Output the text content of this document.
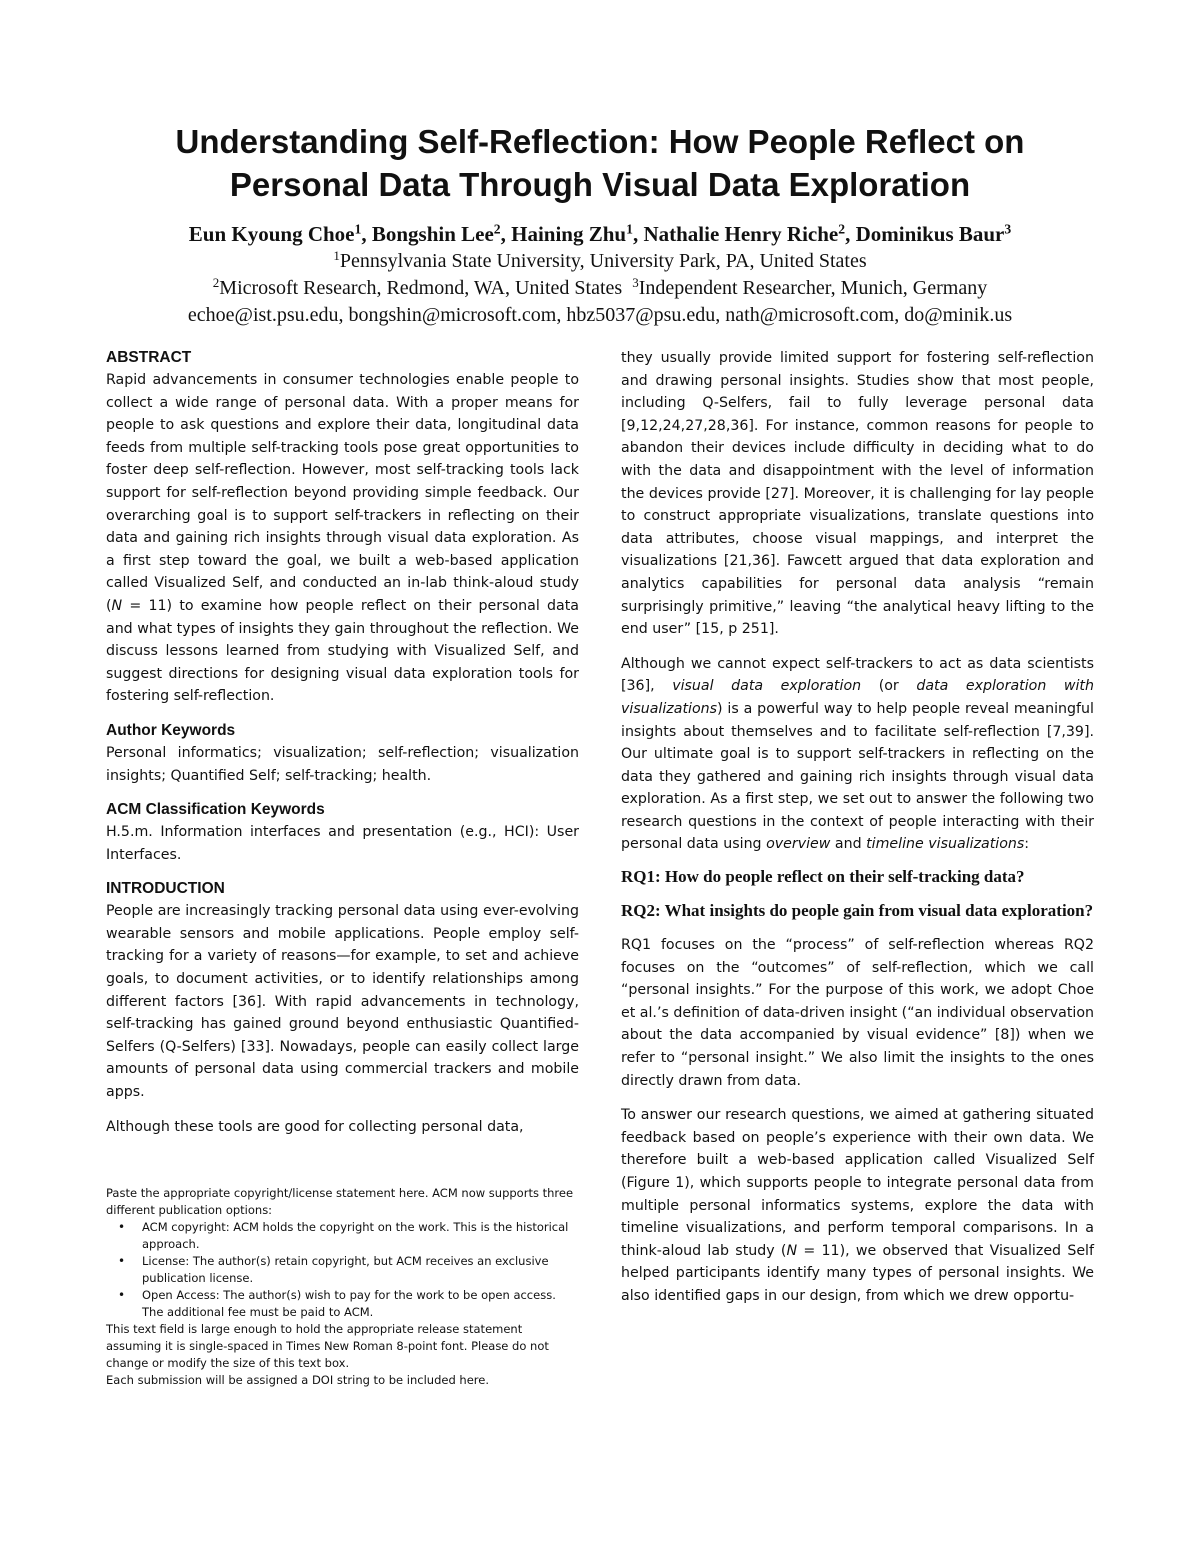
Understanding Self-Reflection: How People Reflect on
Personal Data Through Visual Data Exploration
Eun Kyoung Choe$^1$, Bongshin Lee$^2$, Haining Zhu$^1$, Nathalie Henry Riche$^2$, Dominikus Baur$^3$
$^1$Pennsylvania State University, University Park, PA, United States
$^2$Microsoft Research, Redmond, WA, United States $^3$Independent Researcher, Munich, Germany
echoe@ist.psu.edu, bongshin@microsoft.com, hbz5037@psu.edu, nath@microsoft.com, do@minik.us
ABSTRACT

Rapid advancements in consumer technologies enable people to collect a wide range of personal data. With a proper means for people to ask questions and explore their data, longitudinal data feeds from multiple self-tracking tools pose great opportunities to foster deep self-reflection. However, most self-tracking tools lack support for self-reflection beyond providing simple feedback. Our overarching goal is to support self-trackers in reflecting on their data and gaining rich insights through visual data exploration. As a first step toward the goal, we built a web-based application called Visualized Self, and conducted an in-lab think-aloud study (N = 11) to examine how people reflect on their personal data and what types of insights they gain throughout the reflection. We discuss lessons learned from studying with Visualized Self, and suggest directions for designing visual data exploration tools for fostering self-reflection.

Author Keywords

Personal informatics; visualization; self-reflection; visualization insights; Quantified Self; self-tracking; health.

ACM Classification Keywords

H.5.m. Information interfaces and presentation (e.g., HCI): User Interfaces.

INTRODUCTION

People are increasingly tracking personal data using ever-evolving wearable sensors and mobile applications. People employ self-tracking for a variety of reasons—for example, to set and achieve goals, to document activities, or to identify relationships among different factors [36]. With rapid advancements in technology, self-tracking has gained ground beyond enthusiastic Quantified-Selfers (Q-Selfers) [33]. Nowadays, people can easily collect large amounts of personal data using commercial trackers and mobile apps.

Although these tools are good for collecting personal data,

Paste the appropriate copyright/license statement here. ACM now supports three different publication options:

• ACM copyright: ACM holds the copyright on the work. This is the historical approach.
• License: The author(s) retain copyright, but ACM receives an exclusive publication license.
• Open Access: The author(s) wish to pay for the work to be open access. The additional fee must be paid to ACM.

This text field is large enough to hold the appropriate release statement assuming it is single-spaced in Times New Roman 8-point font. Please do not change or modify the size of this text box.

Each submission will be assigned a DOI string to be included here.

they usually provide limited support for fostering self-reflection and drawing personal insights. Studies show that most people, including Q-Selfers, fail to fully leverage personal data [9,12,24,27,28,36]. For instance, common reasons for people to abandon their devices include difficulty in deciding what to do with the data and disappointment with the level of information the devices provide [27]. Moreover, it is challenging for lay people to construct appropriate visualizations, translate questions into data attributes, choose visual mappings, and interpret the visualizations [21,36]. Fawcett argued that data exploration and analytics capabilities for personal data analysis “remain surprisingly primitive,” leaving “the analytical heavy lifting to the end user” [15, p 251].

Although we cannot expect self-trackers to act as data scientists [36], visual data exploration (or data exploration with visualizations) is a powerful way to help people reveal meaningful insights about themselves and to facilitate self-reflection [7,39]. Our ultimate goal is to support self-trackers in reflecting on the data they gathered and gaining rich insights through visual data exploration. As a first step, we set out to answer the following two research questions in the context of people interacting with their personal data using overview and timeline visualizations:

RQ1: How do people reflect on their self-tracking data?
RQ2: What insights do people gain from visual data exploration?

RQ1 focuses on the “process” of self-reflection whereas RQ2 focuses on the “outcomes” of self-reflection, which we call “personal insights.” For the purpose of this work, we adopt Choe et al.’s definition of data-driven insight (“an individual observation about the data accompanied by visual evidence” [8]) when we refer to “personal insight.” We also limit the insights to the ones directly drawn from data.

To answer our research questions, we aimed at gathering situated feedback based on people’s experience with their own data. We therefore built a web-based application called Visualized Self (Figure 1), which supports people to integrate personal data from multiple personal informatics systems, explore the data with timeline visualizations, and perform temporal comparisons. In a think-aloud lab study (N = 11), we observed that Visualized Self helped participants identify many types of personal insights. We also identified gaps in our design, from which we drew opportu-
